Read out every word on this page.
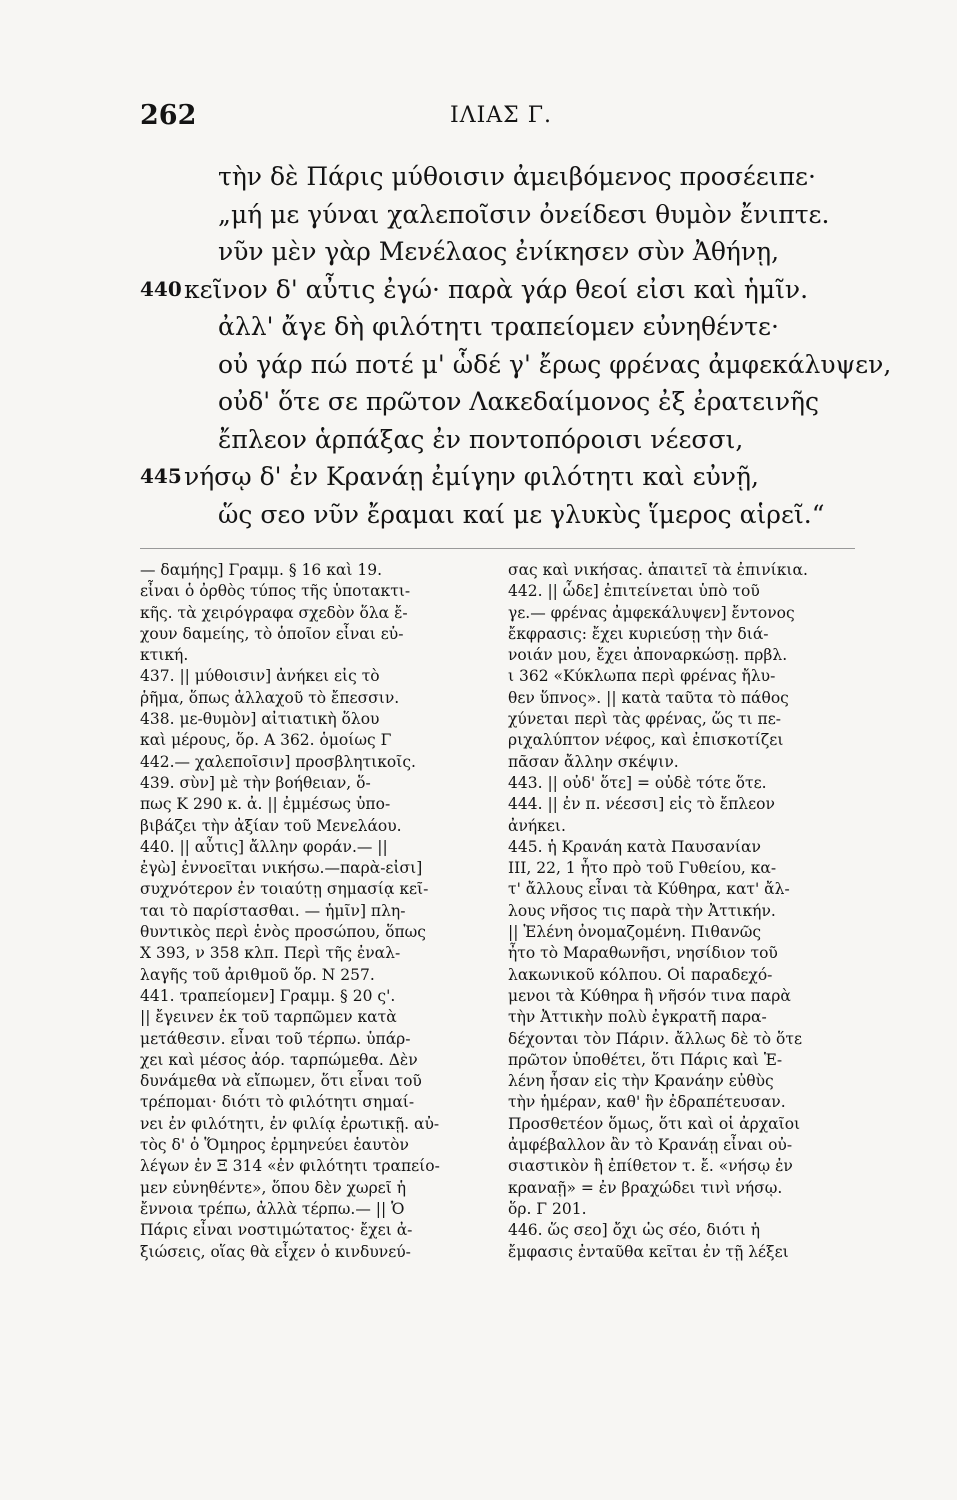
262	ΙΛΙΑΣ Γ.
τὴν δὲ Πάρις μύθοισιν ἀμειβόμενος προσέειπε·
„μή με γύναι χαλεποῖσιν ὀνείδεσι θυμὸν ἔνιπτε.
νῦν μὲν γὰρ Μενέλαος ἐνίκησεν σὺν Ἀθήνῃ,
440 κεῖνον δ' αὖτις ἐγώ· παρὰ γάρ θεοί εἰσι καὶ ἡμῖν.
ἀλλ' ἄγε δὴ φιλότητι τραπείομεν εὐνηθέντε·
οὐ γάρ πώ ποτέ μ' ὧδέ γ' ἔρως φρένας ἀμφεκάλυψεν,
οὐδ' ὅτε σε πρῶτον Λακεδαίμονος ἐξ ἐρατεινῆς
ἔπλεον ἁρπάξας ἐν ποντοπόροισι νέεσσι,
445 νήσῳ δ' ἐν Κρανάῃ ἐμίγην φιλότητι καὶ εὐνῇ,
ὥς σεο νῦν ἔραμαι καί με γλυκὺς ἵμερος αἱρεῖ.“
— δαμήης] Γραμμ. § 16 καὶ 19.
εἶναι ὁ ὀρθὸς τύπος τῆς ὑποτακτι-
κῆς. τὰ χειρόγραφα σχεδὸν ὅλα ἔ-
χουν δαμείης, τὸ ὁποῖον εἶναι εὐ-
κτική.
437. || μύθοισιν] ἀνήκει εἰς τὸ
ῥῆμα, ὅπως ἀλλαχοῦ τὸ ἔπεσσιν.
438. με-θυμὸν] αἰτιατικὴ ὅλου
καὶ μέρους, ὅρ. Α 362. ὁμοίως Γ
442.— χαλεποῖσιν] προσβλητικοῖς.
439. σὺν] μὲ τὴν βοήθειαν, ὅ-
πως Κ 290 κ. ἀ. || ἐμμέσως ὑπο-
βιβάζει τὴν ἀξίαν τοῦ Μενελάου.
440. || αὖτις] ἄλλην φοράν.— ||
ἐγὼ] ἐννοεῖται νικήσω.—παρὰ-εἰσι]
συχνότερον ἐν τοιαύτῃ σημασίᾳ κεῖ-
ται τὸ παρίστασθαι. — ἡμῖν] πλη-
θυντικὸς περὶ ἑνὸς προσώπου, ὅπως
Χ 393, ν 358 κλπ. Περὶ τῆς ἐναλ-
λαγῆς τοῦ ἀριθμοῦ ὅρ. Ν 257.
441. τραπείομεν] Γραμμ. § 20 ς'.
|| ἔγεινεν ἐκ τοῦ ταρπῶμεν κατὰ
μετάθεσιν. εἶναι τοῦ τέρπω. ὑπάρ-
χει καὶ μέσος ἀόρ. ταρπώμεθα. Δὲν
δυνάμεθα νὰ εἴπωμεν, ὅτι εἶναι τοῦ
τρέπομαι· διότι τὸ φιλότητι σημαί-
νει ἐν φιλότητι, ἐν φιλίᾳ ἐρωτικῇ. αὐ-
τὸς δ' ὁ Ὅμηρος ἑρμηνεύει ἑαυτὸν
λέγων ἐν Ξ 314 «ἐν φιλότητι τραπείο-
μεν εὐνηθέντε», ὅπου δὲν χωρεῖ ἡ
ἔννοια τρέπω, ἀλλὰ τέρπω.— || Ὁ
Πάρις εἶναι νοστιμώτατος· ἔχει ἀ-
ξιώσεις, οἵας θὰ εἶχεν ὁ κινδυνεύ-
σας καὶ νικήσας. ἀπαιτεῖ τὰ ἐπινίκια.
442. || ὧδε] ἐπιτείνεται ὑπὸ τοῦ
γε.— φρένας ἀμφεκάλυψεν] ἔντονος
ἔκφρασις: ἔχει κυριεύσῃ τὴν διά-
νοιάν μου, ἔχει ἀποναρκώσῃ. πρβλ.
ι 362 «Κύκλωπα περὶ φρένας ἤλυ-
θεν ὕπνος». || κατὰ ταῦτα τὸ πάθος
χύνεται περὶ τὰς φρένας, ὥς τι πε-
ριχαλύπτον νέφος, καὶ ἐπισκοτίζει
πᾶσαν ἄλλην σκέψιν.
443. || οὐδ' ὅτε] = οὐδὲ τότε ὅτε.
444. || ἐν π. νέεσσι] εἰς τὸ ἔπλεον
ἀνήκει.
445. ἡ Κρανάη κατὰ Παυσανίαν
ΙΙΙ, 22, 1 ἦτο πρὸ τοῦ Γυθείου, κα-
τ' ἄλλους εἶναι τὰ Κύθηρα, κατ' ἄλ-
λους νῆσος τις παρὰ τὴν Ἀττικήν.
|| Ἑλένη ὀνομαζομένη. Πιθανῶς
ἦτο τὸ Μαραθωνῆσι, νησίδιον τοῦ
λακωνικοῦ κόλπου. Οἱ παραδεχό-
μενοι τὰ Κύθηρα ἢ νῆσόν τινα παρὰ
τὴν Ἀττικὴν πολὺ ἐγκρατῆ παρα-
δέχονται τὸν Πάριν. ἄλλως δὲ τὸ ὅτε
πρῶτον ὑποθέτει, ὅτι Πάρις καὶ Ἑ-
λένη ἦσαν εἰς τὴν Κρανάην εὐθὺς
τὴν ἡμέραν, καθ' ἣν ἐδραπέτευσαν.
Προσθετέον ὅμως, ὅτι καὶ οἱ ἀρχαῖοι
ἀμφέβαλλον ἂν τὸ Κρανάῃ εἶναι οὐ-
σιαστικὸν ἢ ἐπίθετον τ. ἔ. «νήσῳ ἐν
κραναῇ» = ἐν βραχώδει τινὶ νήσῳ.
ὅρ. Γ 201.
446. ὥς σεο] ὄχι ὡς σέο, διότι ἡ
ἔμφασις ἐνταῦθα κεῖται ἐν τῇ λέξει
